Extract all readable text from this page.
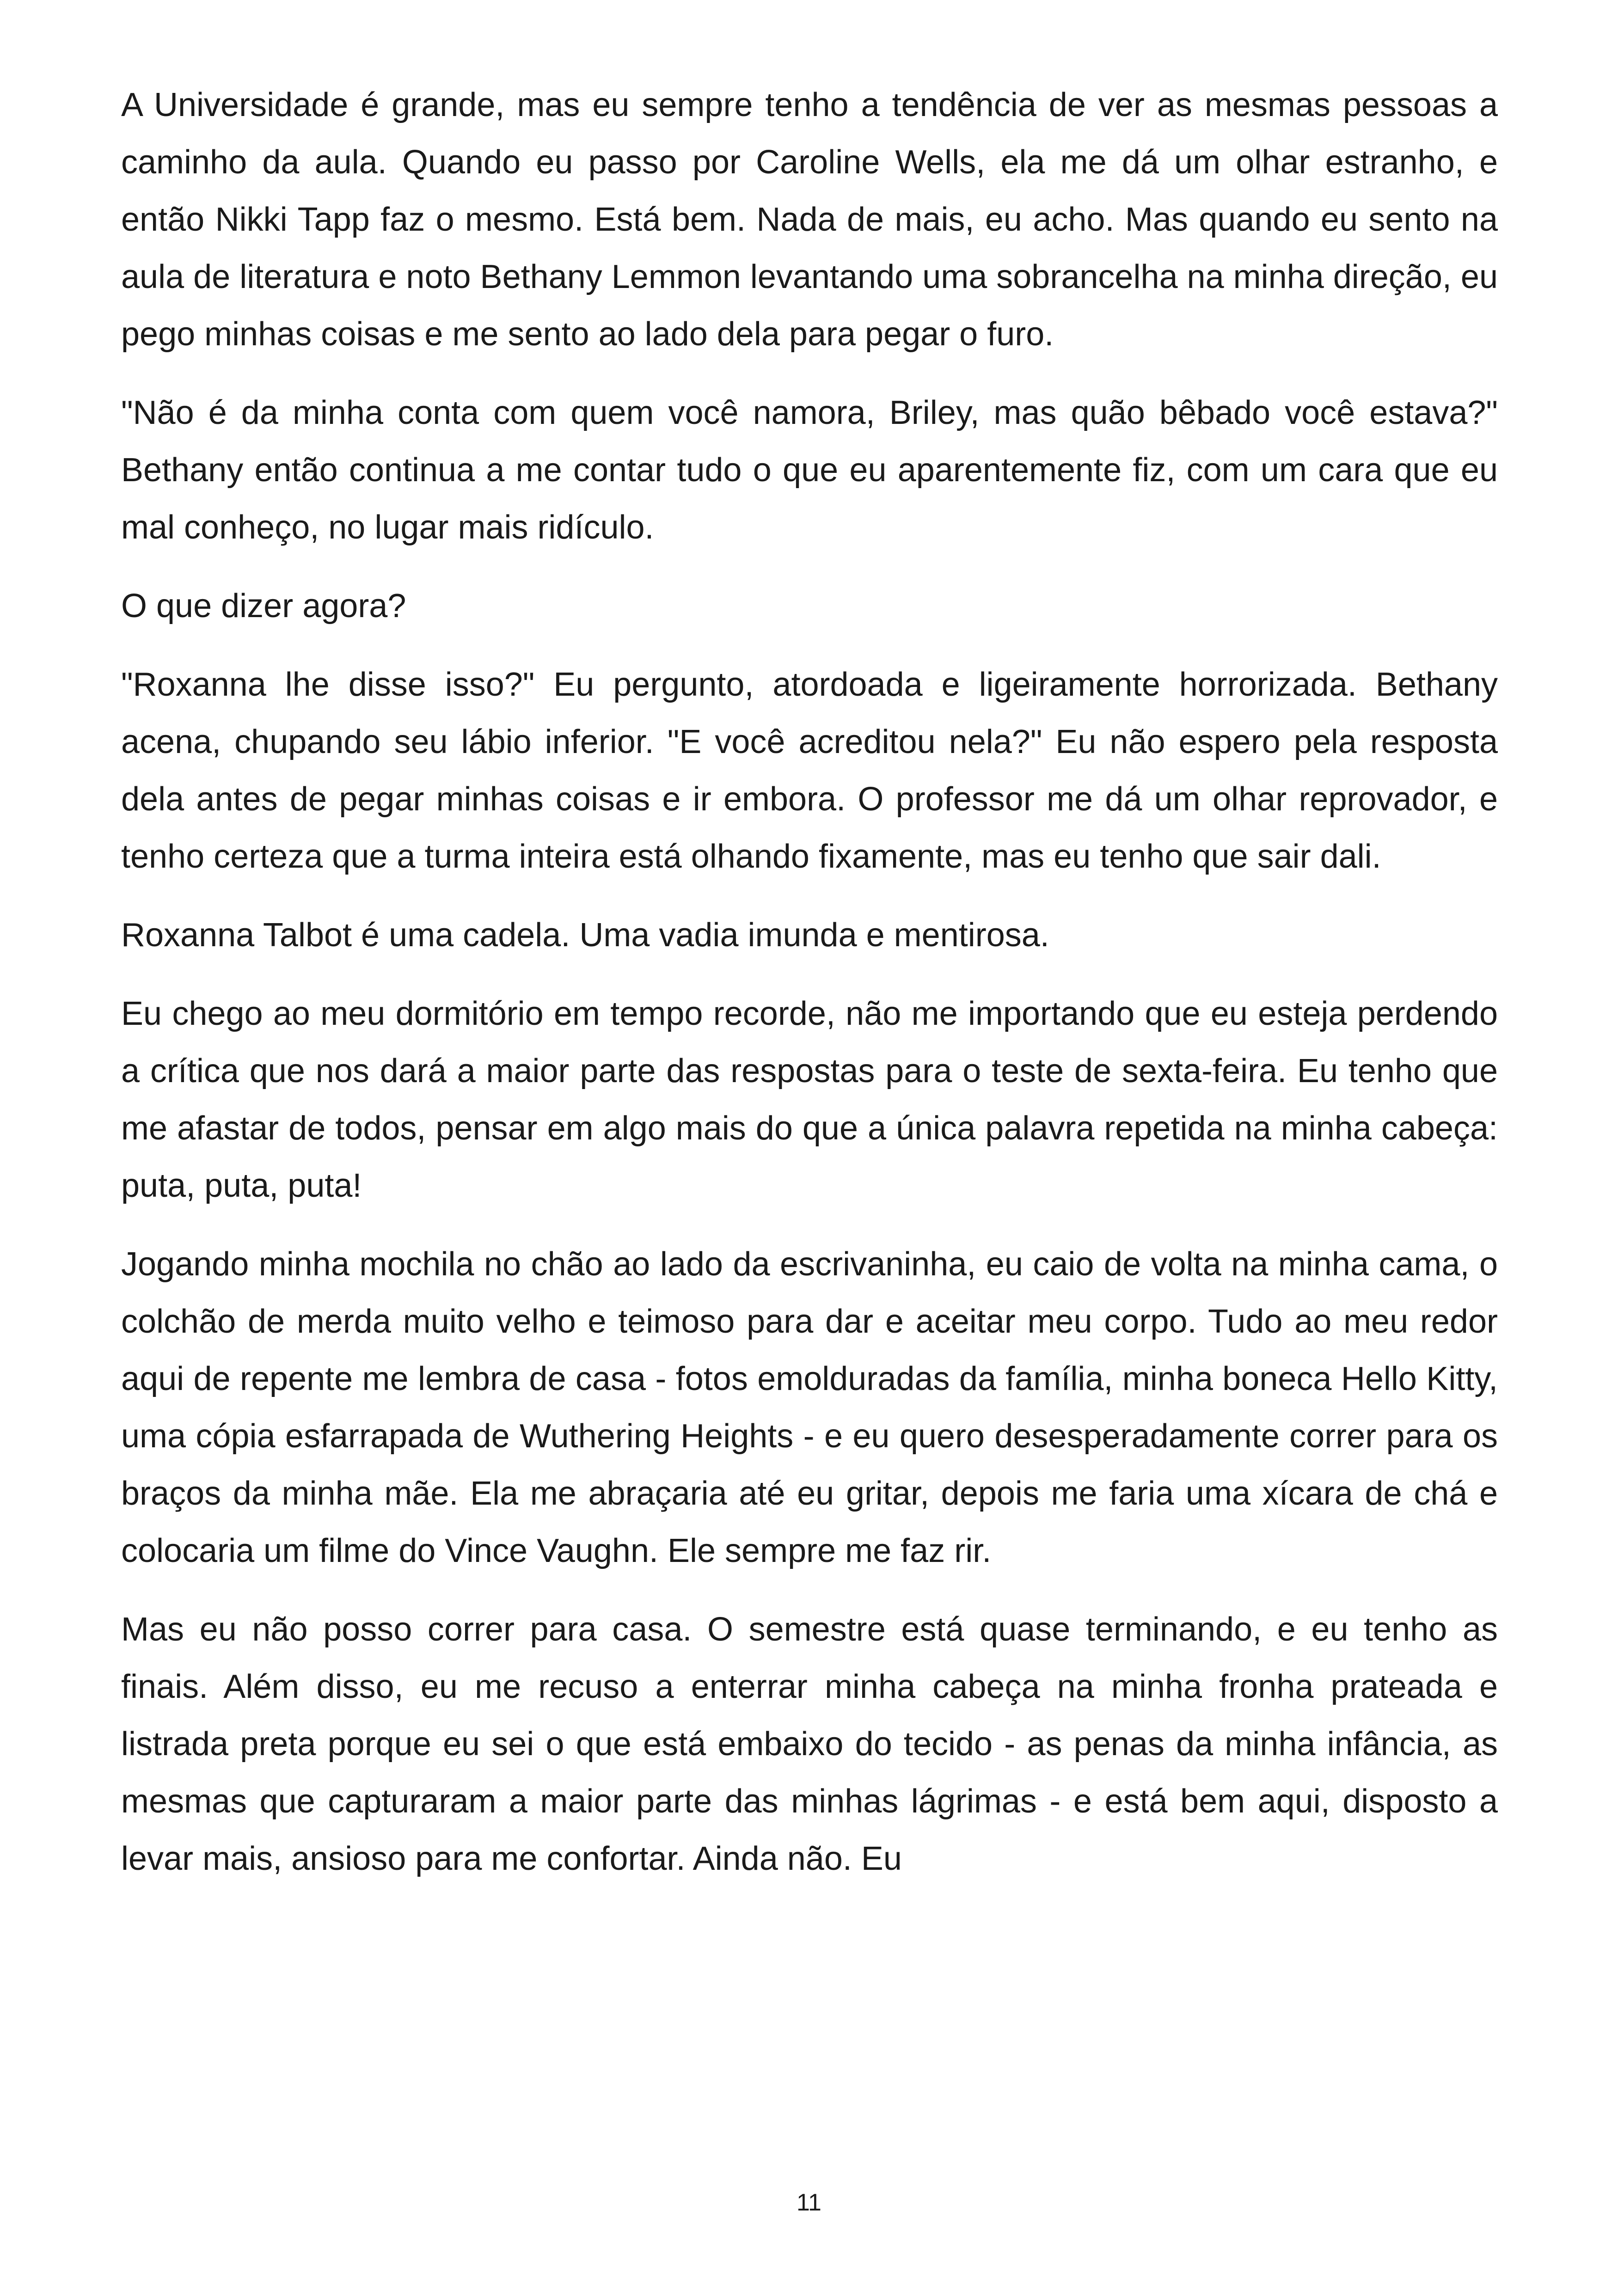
A Universidade é grande, mas eu sempre tenho a tendência de ver as mesmas pessoas a caminho da aula. Quando eu passo por Caroline Wells, ela me dá um olhar estranho, e então Nikki Tapp faz o mesmo. Está bem. Nada de mais, eu acho. Mas quando eu sento na aula de literatura e noto Bethany Lemmon levantando uma sobrancelha na minha direção, eu pego minhas coisas e me sento ao lado dela para pegar o furo.

"Não é da minha conta com quem você namora, Briley, mas quão bêbado você estava?" Bethany então continua a me contar tudo o que eu aparentemente fiz, com um cara que eu mal conheço, no lugar mais ridículo.

O que dizer agora?

"Roxanna lhe disse isso?" Eu pergunto, atordoada e ligeiramente horrorizada. Bethany acena, chupando seu lábio inferior. "E você acreditou nela?" Eu não espero pela resposta dela antes de pegar minhas coisas e ir embora. O professor me dá um olhar reprovador, e tenho certeza que a turma inteira está olhando fixamente, mas eu tenho que sair dali.

Roxanna Talbot é uma cadela. Uma vadia imunda e mentirosa.

Eu chego ao meu dormitório em tempo recorde, não me importando que eu esteja perdendo a crítica que nos dará a maior parte das respostas para o teste de sexta-feira. Eu tenho que me afastar de todos, pensar em algo mais do que a única palavra repetida na minha cabeça: puta, puta, puta!

Jogando minha mochila no chão ao lado da escrivaninha, eu caio de volta na minha cama, o colchão de merda muito velho e teimoso para dar e aceitar meu corpo. Tudo ao meu redor aqui de repente me lembra de casa - fotos emolduradas da família, minha boneca Hello Kitty, uma cópia esfarrapada de Wuthering Heights - e eu quero desesperadamente correr para os braços da minha mãe. Ela me abraçaria até eu gritar, depois me faria uma xícara de chá e colocaria um filme do Vince Vaughn. Ele sempre me faz rir.

Mas eu não posso correr para casa. O semestre está quase terminando, e eu tenho as finais. Além disso, eu me recuso a enterrar minha cabeça na minha fronha prateada e listrada preta porque eu sei o que está embaixo do tecido - as penas da minha infância, as mesmas que capturaram a maior parte das minhas lágrimas - e está bem aqui, disposto a levar mais, ansioso para me confortar. Ainda não. Eu

11
